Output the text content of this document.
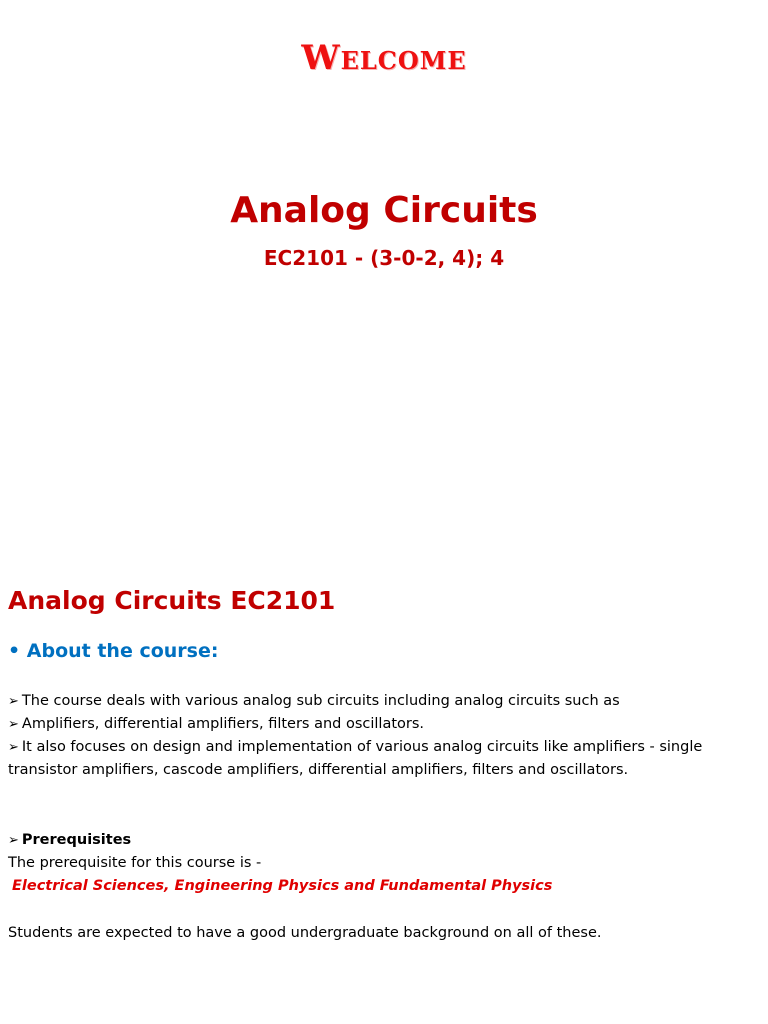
Welcome
Analog Circuits
EC2101 - (3-0-2, 4); 4
Analog Circuits EC2101
• About the course:
➢ The course deals with various analog sub circuits including analog circuits such as
➢ Amplifiers, differential amplifiers, filters and oscillators.
➢ It also focuses on design and implementation of various analog circuits like amplifiers - single transistor amplifiers, cascode amplifiers, differential amplifiers, filters and oscillators.
➢ Prerequisites
The prerequisite for this course is -
Electrical Sciences, Engineering Physics and Fundamental Physics
Students are expected to have a good undergraduate background on all of these.
